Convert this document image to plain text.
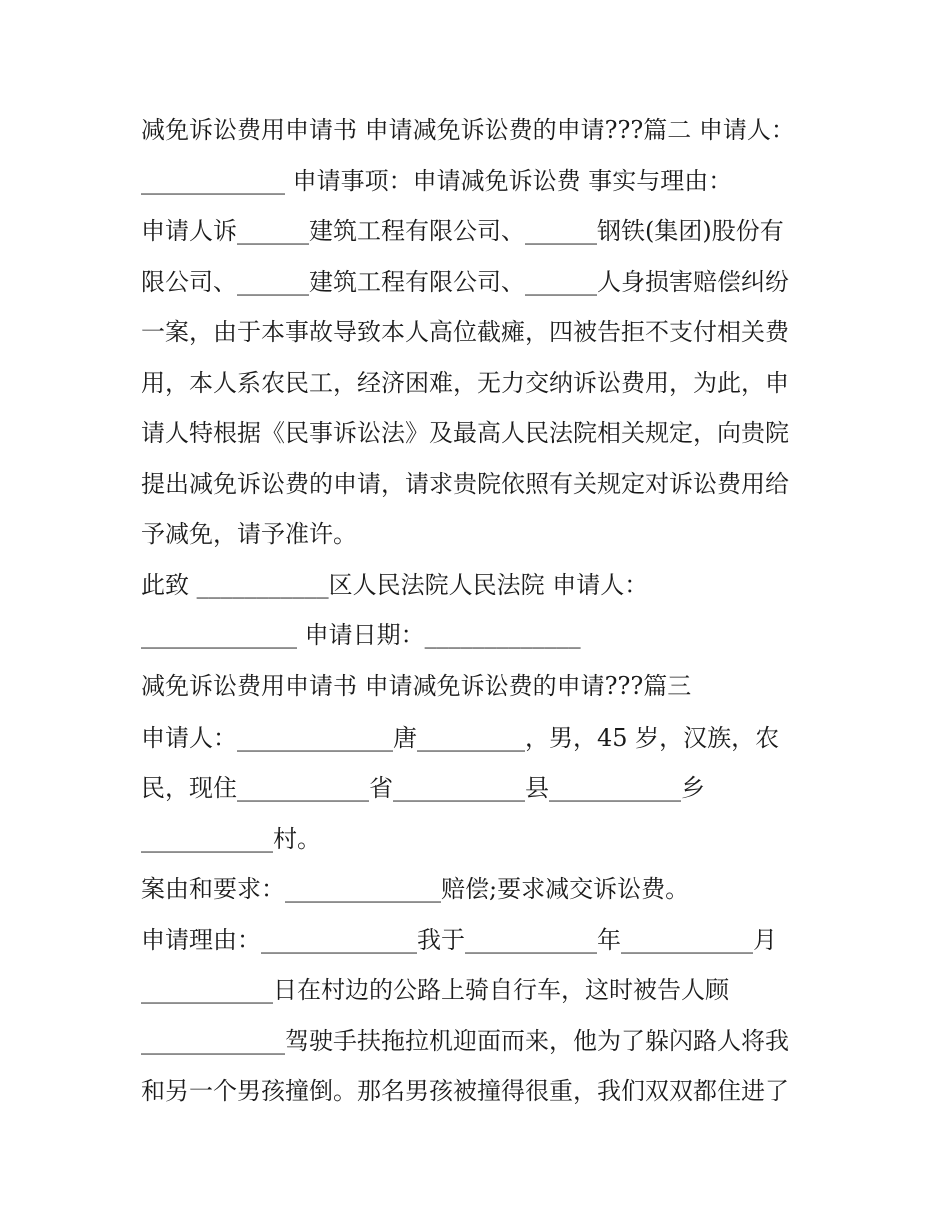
减免诉讼费用申请书 申请减免诉讼费的申请???篇二 申请人：
____________ 申请事项：申请减免诉讼费 事实与理由：
申请人诉______建筑工程有限公司、______钢铁(集团)股份有
限公司、______建筑工程有限公司、______人身损害赔偿纠纷
一案，由于本事故导致本人高位截瘫，四被告拒不支付相关费
用，本人系农民工，经济困难，无力交纳诉讼费用，为此，申
请人特根据《民事诉讼法》及最高人民法院相关规定，向贵院
提出减免诉讼费的申请，请求贵院依照有关规定对诉讼费用给
予减免，请予准许。
此致 ___________区人民法院人民法院 申请人：
_____________ 申请日期：_____________
减免诉讼费用申请书 申请减免诉讼费的申请???篇三
申请人：_____________唐_________，男，45 岁，汉族，农
民，现住___________省___________县___________乡
___________村。
案由和要求：_____________赔偿;要求减交诉讼费。
申请理由：_____________我于___________年___________月
___________日在村边的公路上骑自行车，这时被告人顾
____________驾驶手扶拖拉机迎面而来，他为了躲闪路人将我
和另一个男孩撞倒。那名男孩被撞得很重，我们双双都住进了
